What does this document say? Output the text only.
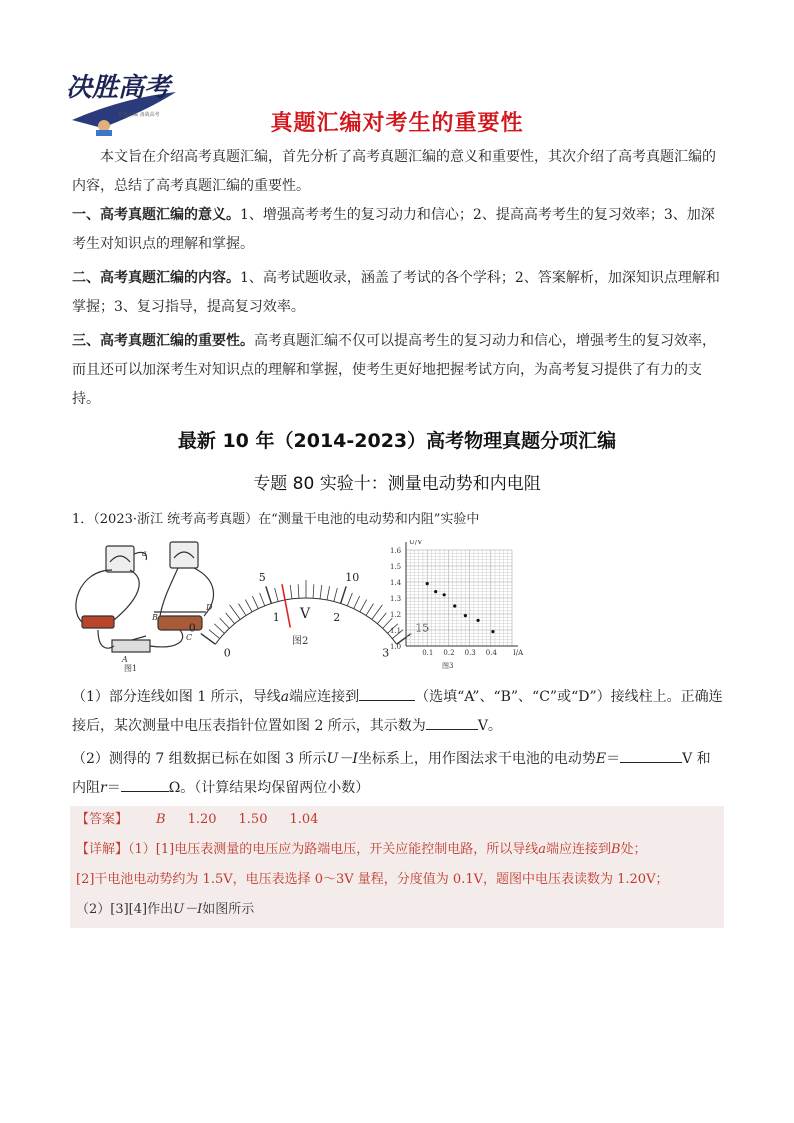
决胜高考
真题汇编 备战高考	真题汇编对考生的重要性
本文旨在介绍高考真题汇编，首先分析了高考真题汇编的意义和重要性，其次介绍了高考真题汇编的内容，总结了高考真题汇编的重要性。
一、高考真题汇编的意义。1、增强高考考生的复习动力和信心；2、提高高考考生的复习效率；3、加深考生对知识点的理解和掌握。
二、高考真题汇编的内容。1、高考试题收录，涵盖了考试的各个学科；2、答案解析，加深知识点理解和掌握；3、复习指导，提高复习效率。
三、高考真题汇编的重要性。高考真题汇编不仅可以提高考生的复习动力和信心，增强考生的复习效率，而且还可以加深考生对知识点的理解和掌握，使考生更好地把握考试方向，为高考复习提供了有力的支持。
最新 10 年（2014-2023）高考物理真题分项汇编
专题 80 实验十：测量电动势和内电阻
1．（2023·浙江 统考高考真题）在“测量干电池的电动势和内阻”实验中
a
B
D
C
A
图1
0
5	10
15
0
1	2
3
V
图2
1.6
1.5
1.4
1.3
1.2
1.1
1.0
0.1 0.2 0.3 0.4
U/V
I/A
图3
（1）部分连线如图 1 所示，导线a端应连接到	（选填“A”、“B”、“C”或“D”）接线柱上。正确连接后，某次测量中电压表指针位置如图 2 所示，其示数为	V。
（2）测得的 7 组数据已标在如图 3 所示U－I坐标系上，用作图法求干电池的电动势E＝	V 和内阻r＝	Ω。（计算结果均保留两位小数）
【答案】 B 1.20 1.50 1.04
【详解】（1）[1]电压表测量的电压应为路端电压，开关应能控制电路，所以导线a端应连接到B处；
[2]干电池电动势约为 1.5V，电压表选择 0～3V 量程，分度值为 0.1V，题图中电压表读数为 1.20V；
（2）[3][4]作出U－I如图所示
